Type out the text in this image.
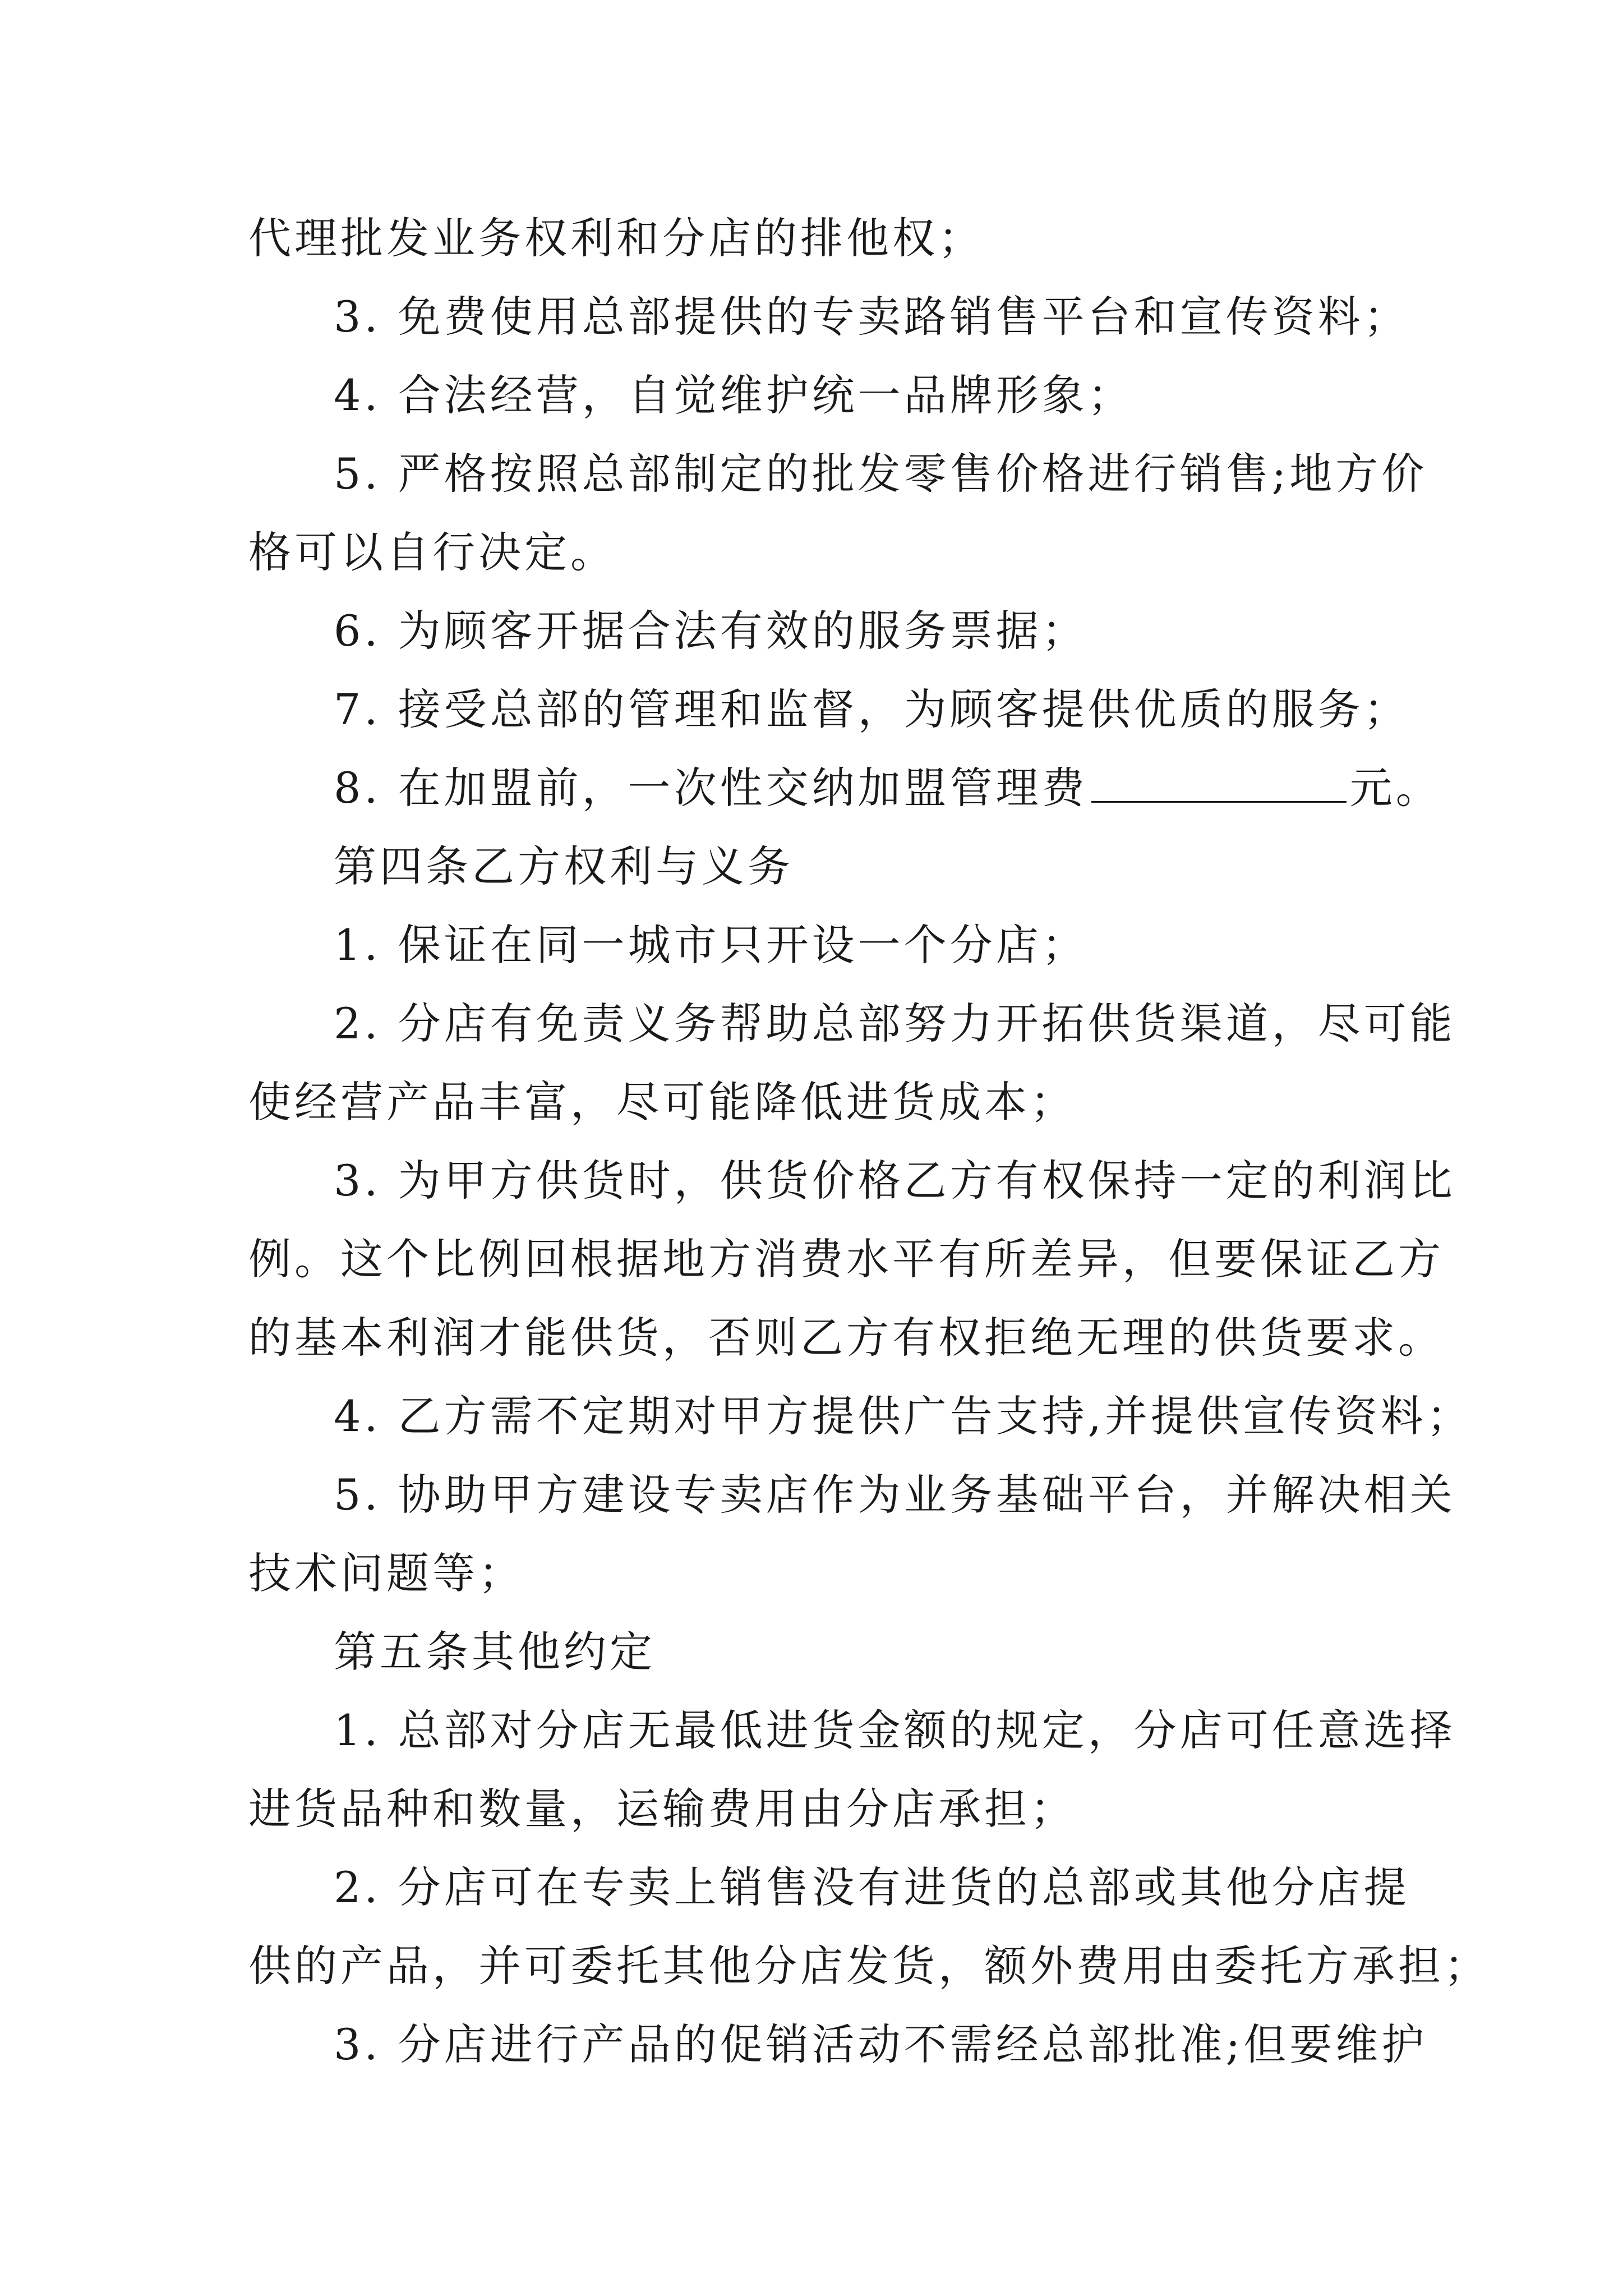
代理批发业务权利和分店的排他权；

3. 免费使用总部提供的专卖路销售平台和宣传资料；

4. 合法经营，自觉维护统一品牌形象；

5. 严格按照总部制定的批发零售价格进行销售;地方价

格可以自行决定。

6. 为顾客开据合法有效的服务票据；

7. 接受总部的管理和监督，为顾客提供优质的服务；

8. 在加盟前，一次性交纳加盟管理费	元。

第四条乙方权利与义务

1. 保证在同一城市只开设一个分店；

2. 分店有免责义务帮助总部努力开拓供货渠道，尽可能

使经营产品丰富，尽可能降低进货成本；

3. 为甲方供货时，供货价格乙方有权保持一定的利润比

例。这个比例回根据地方消费水平有所差异，但要保证乙方

的基本利润才能供货，否则乙方有权拒绝无理的供货要求。

4. 乙方需不定期对甲方提供广告支持,并提供宣传资料；

5. 协助甲方建设专卖店作为业务基础平台，并解决相关

技术问题等；

第五条其他约定

1. 总部对分店无最低进货金额的规定，分店可任意选择

进货品种和数量，运输费用由分店承担；

2. 分店可在专卖上销售没有进货的总部或其他分店提

供的产品，并可委托其他分店发货，额外费用由委托方承担；

3. 分店进行产品的促销活动不需经总部批准;但要维护
